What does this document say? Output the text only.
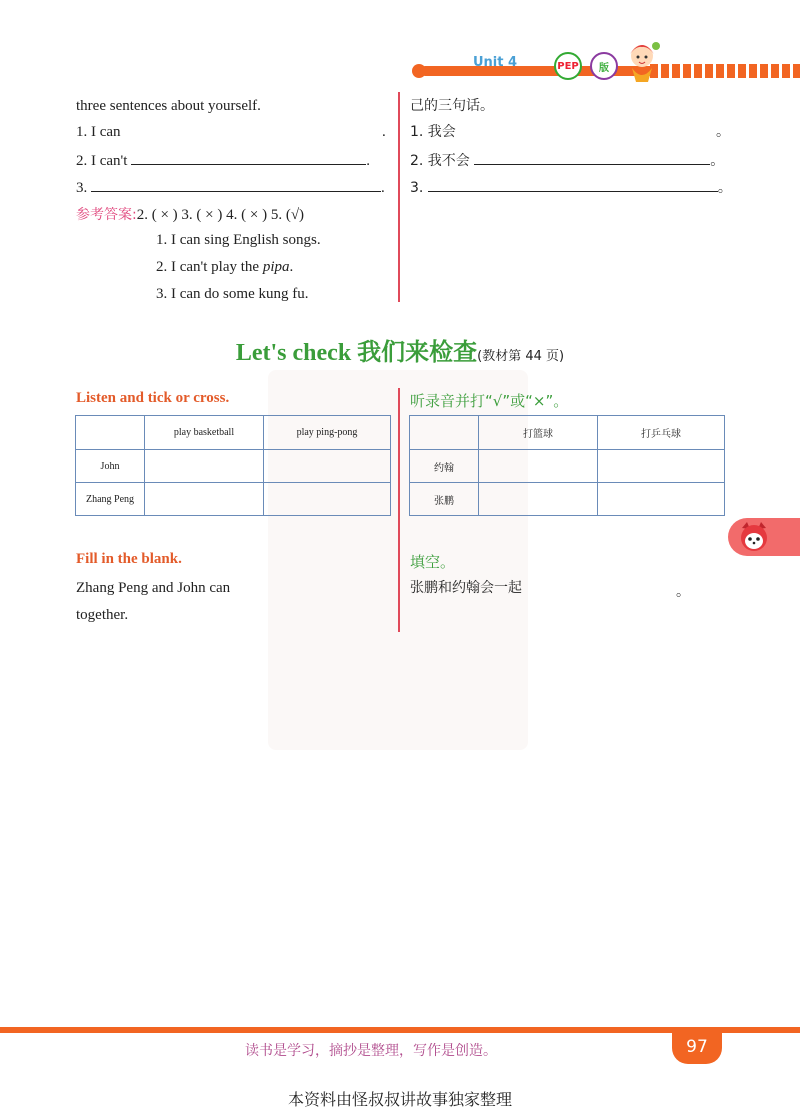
Unit 4	PEP	版
three sentences about yourself.
1. I can	.
2. I can't	.
3.	.
己的三句话。
1. 我会	。
2. 我不会	。
3.	。
参考答案:2. ( × ) 3. ( × ) 4. ( × ) 5. (√)
1. I can sing English songs.
2. I can't play the pipa.
3. I can do some kung fu.
Let's check 我们来检查(教材第 44 页)
Listen and tick or cross.	听录音并打“√”或“×”。
	play basketball	play ping-pong
John		
Zhang Peng		
	打篮球	打乒乓球
约翰		
张鹏		
Fill in the blank.
Zhang Peng and John can
together.
填空。
张鹏和约翰会一起	。
读书是学习，摘抄是整理，写作是创造。	97
本资料由怪叔叔讲故事独家整理
